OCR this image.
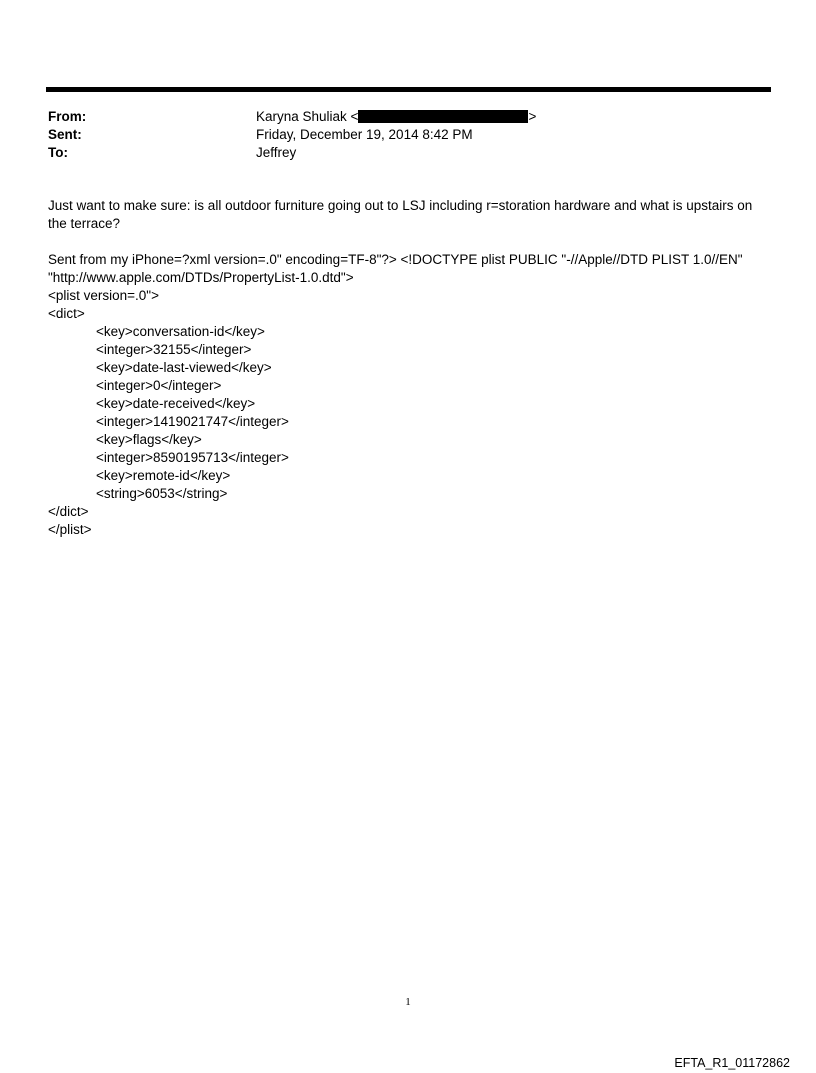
From:	Karyna Shuliak <	>
Sent:	Friday, December 19, 2014 8:42 PM
To:	Jeffrey

Just want to make sure: is all outdoor furniture going out to LSJ including r=storation hardware and what is upstairs on the terrace?

Sent from my iPhone=?xml version=.0" encoding=TF-8"?> <!DOCTYPE plist PUBLIC "-//Apple//DTD PLIST 1.0//EN"
"http://www.apple.com/DTDs/PropertyList-1.0.dtd">
<plist version=.0">
<dict>
<key>conversation-id</key>
<integer>32155</integer>
<key>date-last-viewed</key>
<integer>0</integer>
<key>date-received</key>
<integer>1419021747</integer>
<key>flags</key>
<integer>8590195713</integer>
<key>remote-id</key>
<string>6053</string>
</dict>
</plist>
1
EFTA_R1_01172862
